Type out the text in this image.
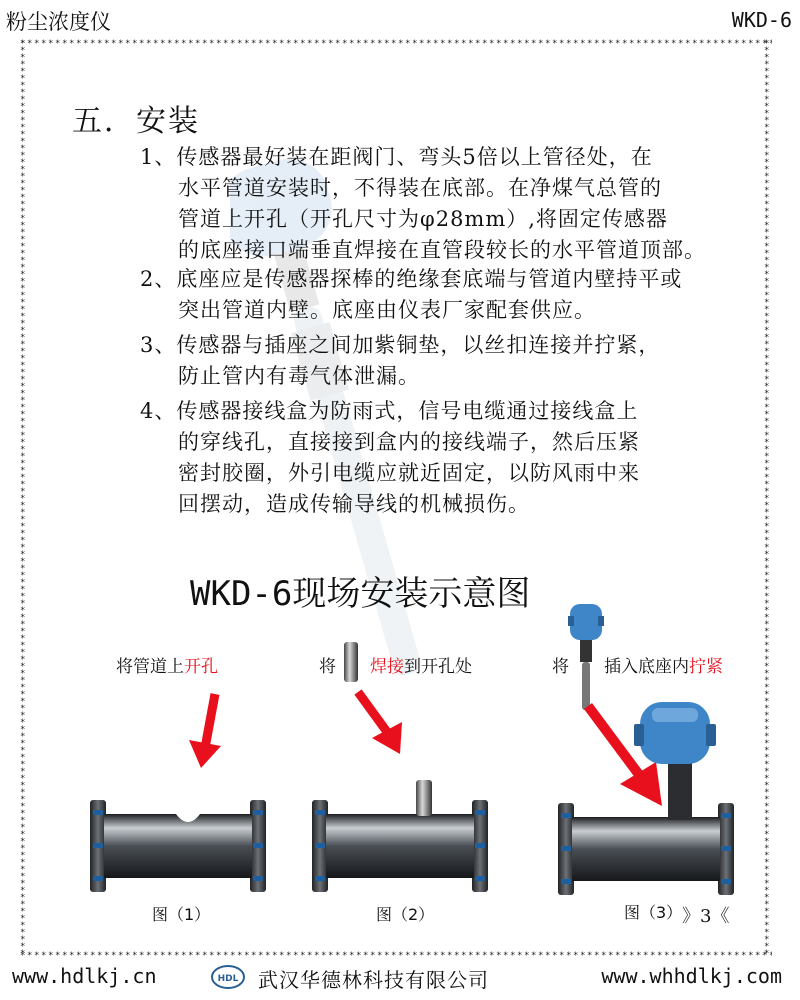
粉尘浓度仪	WKD-6
五．安装
1、传感器最好装在距阀门、弯头5倍以上管径处，在
水平管道安装时，不得装在底部。在净煤气总管的
管道上开孔（开孔尺寸为φ28mm）,将固定传感器
的底座接口端垂直焊接在直管段较长的水平管道顶部。
2、底座应是传感器探棒的绝缘套底端与管道内壁持平或
突出管道内壁。底座由仪表厂家配套供应。
3、传感器与插座之间加紫铜垫，以丝扣连接并拧紧，
防止管内有毒气体泄漏。
4、传感器接线盒为防雨式，信号电缆通过接线盒上
的穿线孔，直接接到盒内的接线端子，然后压紧
密封胶圈，外引电缆应就近固定，以防风雨中来
回摆动，造成传输导线的机械损伤。
WKD-6现场安装示意图
将管道上开孔	将 焊接到开孔处	将 插入底座内拧紧
图（1）	图（2）	图（3） 》3《
www.hdlkj.cn	HDL 武汉华德林科技有限公司	www.whhdlkj.com
